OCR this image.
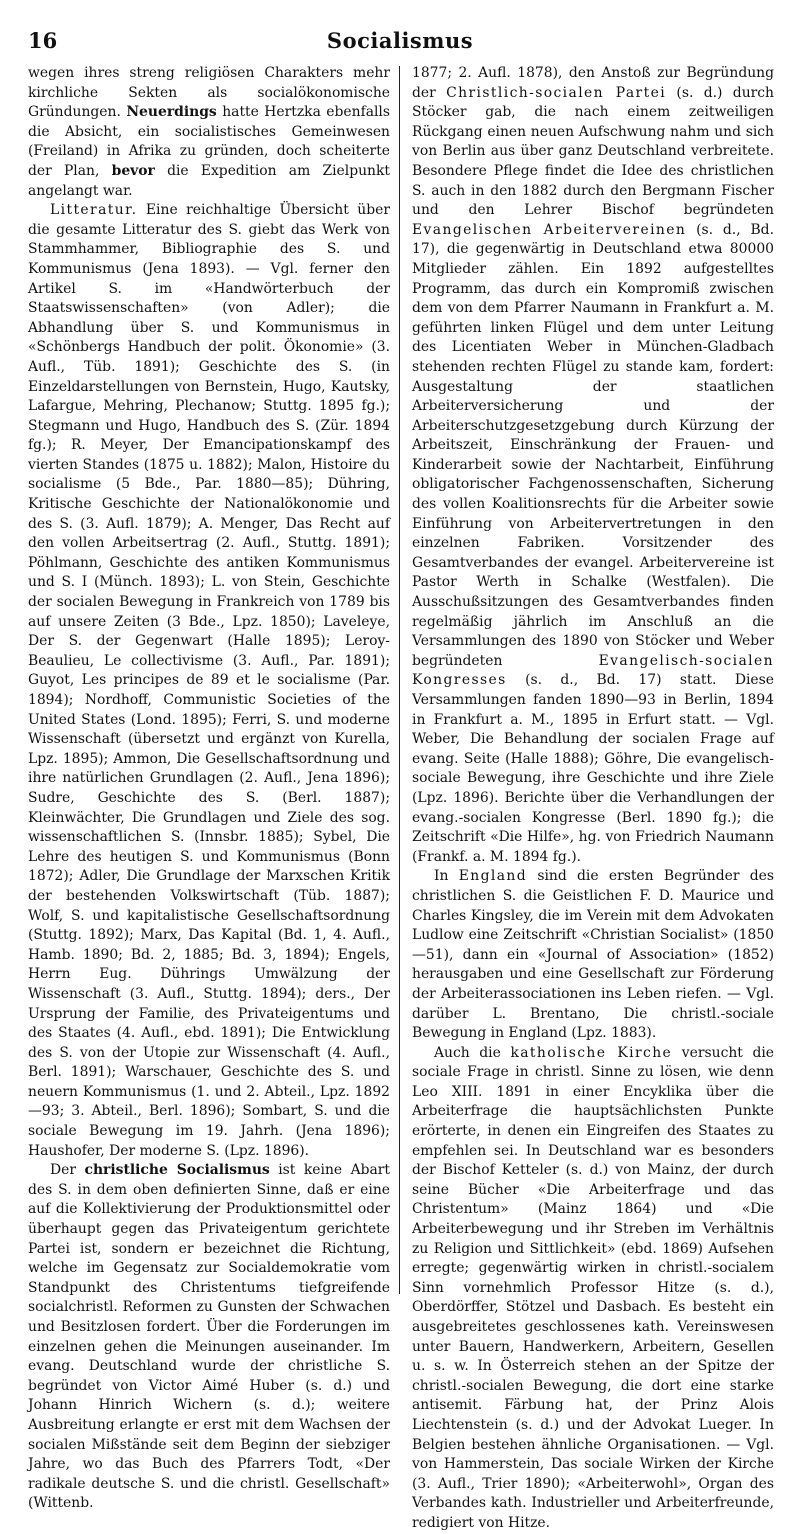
16	Socialismus

wegen ihres streng religiösen Charakters mehr kirchliche Sekten als socialökonomische Gründungen. Neuerdings hatte Hertzka ebenfalls die Absicht, ein socialistisches Gemeinwesen (Freiland) in Afrika zu gründen, doch scheiterte der Plan, bevor die Expedition am Zielpunkt angelangt war.

Litteratur. Eine reichhaltige Übersicht über die gesamte Litteratur des S. giebt das Werk von Stammhammer, Bibliographie des S. und Kommunismus (Jena 1893). — Vgl. ferner den Artikel S. im «Handwörterbuch der Staatswissenschaften» (von Adler); die Abhandlung über S. und Kommunismus in «Schönbergs Handbuch der polit. Ökonomie» (3. Aufl., Tüb. 1891); Geschichte des S. (in Einzeldarstellungen von Bernstein, Hugo, Kautsky, Lafargue, Mehring, Plechanow; Stuttg. 1895 fg.); Stegmann und Hugo, Handbuch des S. (Zür. 1894 fg.); R. Meyer, Der Emancipationskampf des vierten Standes (1875 u. 1882); Malon, Histoire du socialisme (5 Bde., Par. 1880—85); Dühring, Kritische Geschichte der Nationalökonomie und des S. (3. Aufl. 1879); A. Menger, Das Recht auf den vollen Arbeitsertrag (2. Aufl., Stuttg. 1891); Pöhlmann, Geschichte des antiken Kommunismus und S. I (Münch. 1893); L. von Stein, Geschichte der socialen Bewegung in Frankreich von 1789 bis auf unsere Zeiten (3 Bde., Lpz. 1850); Laveleye, Der S. der Gegenwart (Halle 1895); Leroy-Beaulieu, Le collectivisme (3. Aufl., Par. 1891); Guyot, Les principes de 89 et le socialisme (Par. 1894); Nordhoff, Communistic Societies of the United States (Lond. 1895); Ferri, S. und moderne Wissenschaft (übersetzt und ergänzt von Kurella, Lpz. 1895); Ammon, Die Gesellschaftsordnung und ihre natürlichen Grundlagen (2. Aufl., Jena 1896); Sudre, Geschichte des S. (Berl. 1887); Kleinwächter, Die Grundlagen und Ziele des sog. wissenschaftlichen S. (Innsbr. 1885); Sybel, Die Lehre des heutigen S. und Kommunismus (Bonn 1872); Adler, Die Grundlage der Marxschen Kritik der bestehenden Volkswirtschaft (Tüb. 1887); Wolf, S. und kapitalistische Gesellschaftsordnung (Stuttg. 1892); Marx, Das Kapital (Bd. 1, 4. Aufl., Hamb. 1890; Bd. 2, 1885; Bd. 3, 1894); Engels, Herrn Eug. Dührings Umwälzung der Wissenschaft (3. Aufl., Stuttg. 1894); ders., Der Ursprung der Familie, des Privateigentums und des Staates (4. Aufl., ebd. 1891); Die Entwicklung des S. von der Utopie zur Wissenschaft (4. Aufl., Berl. 1891); Warschauer, Geschichte des S. und neuern Kommunismus (1. und 2. Abteil., Lpz. 1892—93; 3. Abteil., Berl. 1896); Sombart, S. und die sociale Bewegung im 19. Jahrh. (Jena 1896); Haushofer, Der moderne S. (Lpz. 1896).

Der christliche Socialismus ist keine Abart des S. in dem oben definierten Sinne, daß er eine auf die Kollektivierung der Produktionsmittel oder überhaupt gegen das Privateigentum gerichtete Partei ist, sondern er bezeichnet die Richtung, welche im Gegensatz zur Socialdemokratie vom Standpunkt des Christentums tiefgreifende socialchristl. Reformen zu Gunsten der Schwachen und Besitzlosen fordert. Über die Forderungen im einzelnen gehen die Meinungen auseinander. Im evang. Deutschland wurde der christliche S. begründet von Victor Aimé Huber (s. d.) und Johann Hinrich Wichern (s. d.); weitere Ausbreitung erlangte er erst mit dem Wachsen der socialen Mißstände seit dem Beginn der siebziger Jahre, wo das Buch des Pfarrers Todt, «Der radikale deutsche S. und die christl. Gesellschaft» (Wittenb.

1877; 2. Aufl. 1878), den Anstoß zur Begründung der Christlich-socialen Partei (s. d.) durch Stöcker gab, die nach einem zeitweiligen Rückgang einen neuen Aufschwung nahm und sich von Berlin aus über ganz Deutschland verbreitete. Besondere Pflege findet die Idee des christlichen S. auch in den 1882 durch den Bergmann Fischer und den Lehrer Bischof begründeten Evangelischen Arbeitervereinen (s. d., Bd. 17), die gegenwärtig in Deutschland etwa 80000 Mitglieder zählen. Ein 1892 aufgestelltes Programm, das durch ein Kompromiß zwischen dem von dem Pfarrer Naumann in Frankfurt a. M. geführten linken Flügel und dem unter Leitung des Licentiaten Weber in München-Gladbach stehenden rechten Flügel zu stande kam, fordert: Ausgestaltung der staatlichen Arbeiterversicherung und der Arbeiterschutzgesetzgebung durch Kürzung der Arbeitszeit, Einschränkung der Frauen- und Kinderarbeit sowie der Nachtarbeit, Einführung obligatorischer Fachgenossenschaften, Sicherung des vollen Koalitionsrechts für die Arbeiter sowie Einführung von Arbeitervertretungen in den einzelnen Fabriken. Vorsitzender des Gesamtverbandes der evangel. Arbeitervereine ist Pastor Werth in Schalke (Westfalen). Die Ausschußsitzungen des Gesamtverbandes finden regelmäßig jährlich im Anschluß an die Versammlungen des 1890 von Stöcker und Weber begründeten	Evangelisch-socialen Kongresses (s. d., Bd. 17) statt. Diese Versammlungen fanden 1890—93 in Berlin, 1894 in Frankfurt a. M., 1895 in Erfurt statt. — Vgl. Weber, Die Behandlung der socialen Frage auf evang. Seite (Halle 1888); Göhre, Die evangelisch-sociale Bewegung, ihre Geschichte und ihre Ziele (Lpz. 1896). Berichte über die Verhandlungen der evang.-socialen Kongresse (Berl. 1890 fg.); die Zeitschrift «Die Hilfe», hg. von Friedrich Naumann (Frankf. a. M. 1894 fg.).

In England sind die ersten Begründer des christlichen S. die Geistlichen F. D. Maurice und Charles Kingsley, die im Verein mit dem Advokaten Ludlow eine Zeitschrift «Christian Socialist» (1850—51), dann ein «Journal of Association» (1852) herausgaben und eine Gesellschaft zur Förderung der Arbeiterassociationen ins Leben riefen. — Vgl. darüber L. Brentano, Die christl.-sociale Bewegung in England (Lpz. 1883).

Auch die katholische Kirche versucht die sociale Frage in christl. Sinne zu lösen, wie denn Leo XIII. 1891 in einer Encyklika über die Arbeiterfrage die hauptsächlichsten Punkte erörterte, in denen ein Eingreifen des Staates zu empfehlen sei. In Deutschland war es besonders der Bischof Ketteler (s. d.) von Mainz, der durch seine Bücher «Die Arbeiterfrage und das Christentum» (Mainz 1864) und «Die Arbeiterbewegung und ihr Streben im Verhältnis zu Religion und Sittlichkeit» (ebd. 1869) Aufsehen erregte; gegenwärtig wirken in christl.-socialem Sinn vornehmlich Professor Hitze (s. d.), Oberdörffer, Stötzel und Dasbach. Es besteht ein ausgebreitetes geschlossenes kath. Vereinswesen unter Bauern, Handwerkern, Arbeitern, Gesellen u. s. w. In Österreich stehen an der Spitze der christl.-socialen Bewegung, die dort eine starke antisemit. Färbung hat, der Prinz Alois Liechtenstein (s. d.) und der Advokat Lueger. In Belgien bestehen ähnliche Organisationen. — Vgl. von Hammerstein, Das sociale Wirken der Kirche (3. Aufl., Trier 1890); «Arbeiterwohl», Organ des Verbandes kath. Industrieller und Arbeiterfreunde, redigiert von Hitze.
